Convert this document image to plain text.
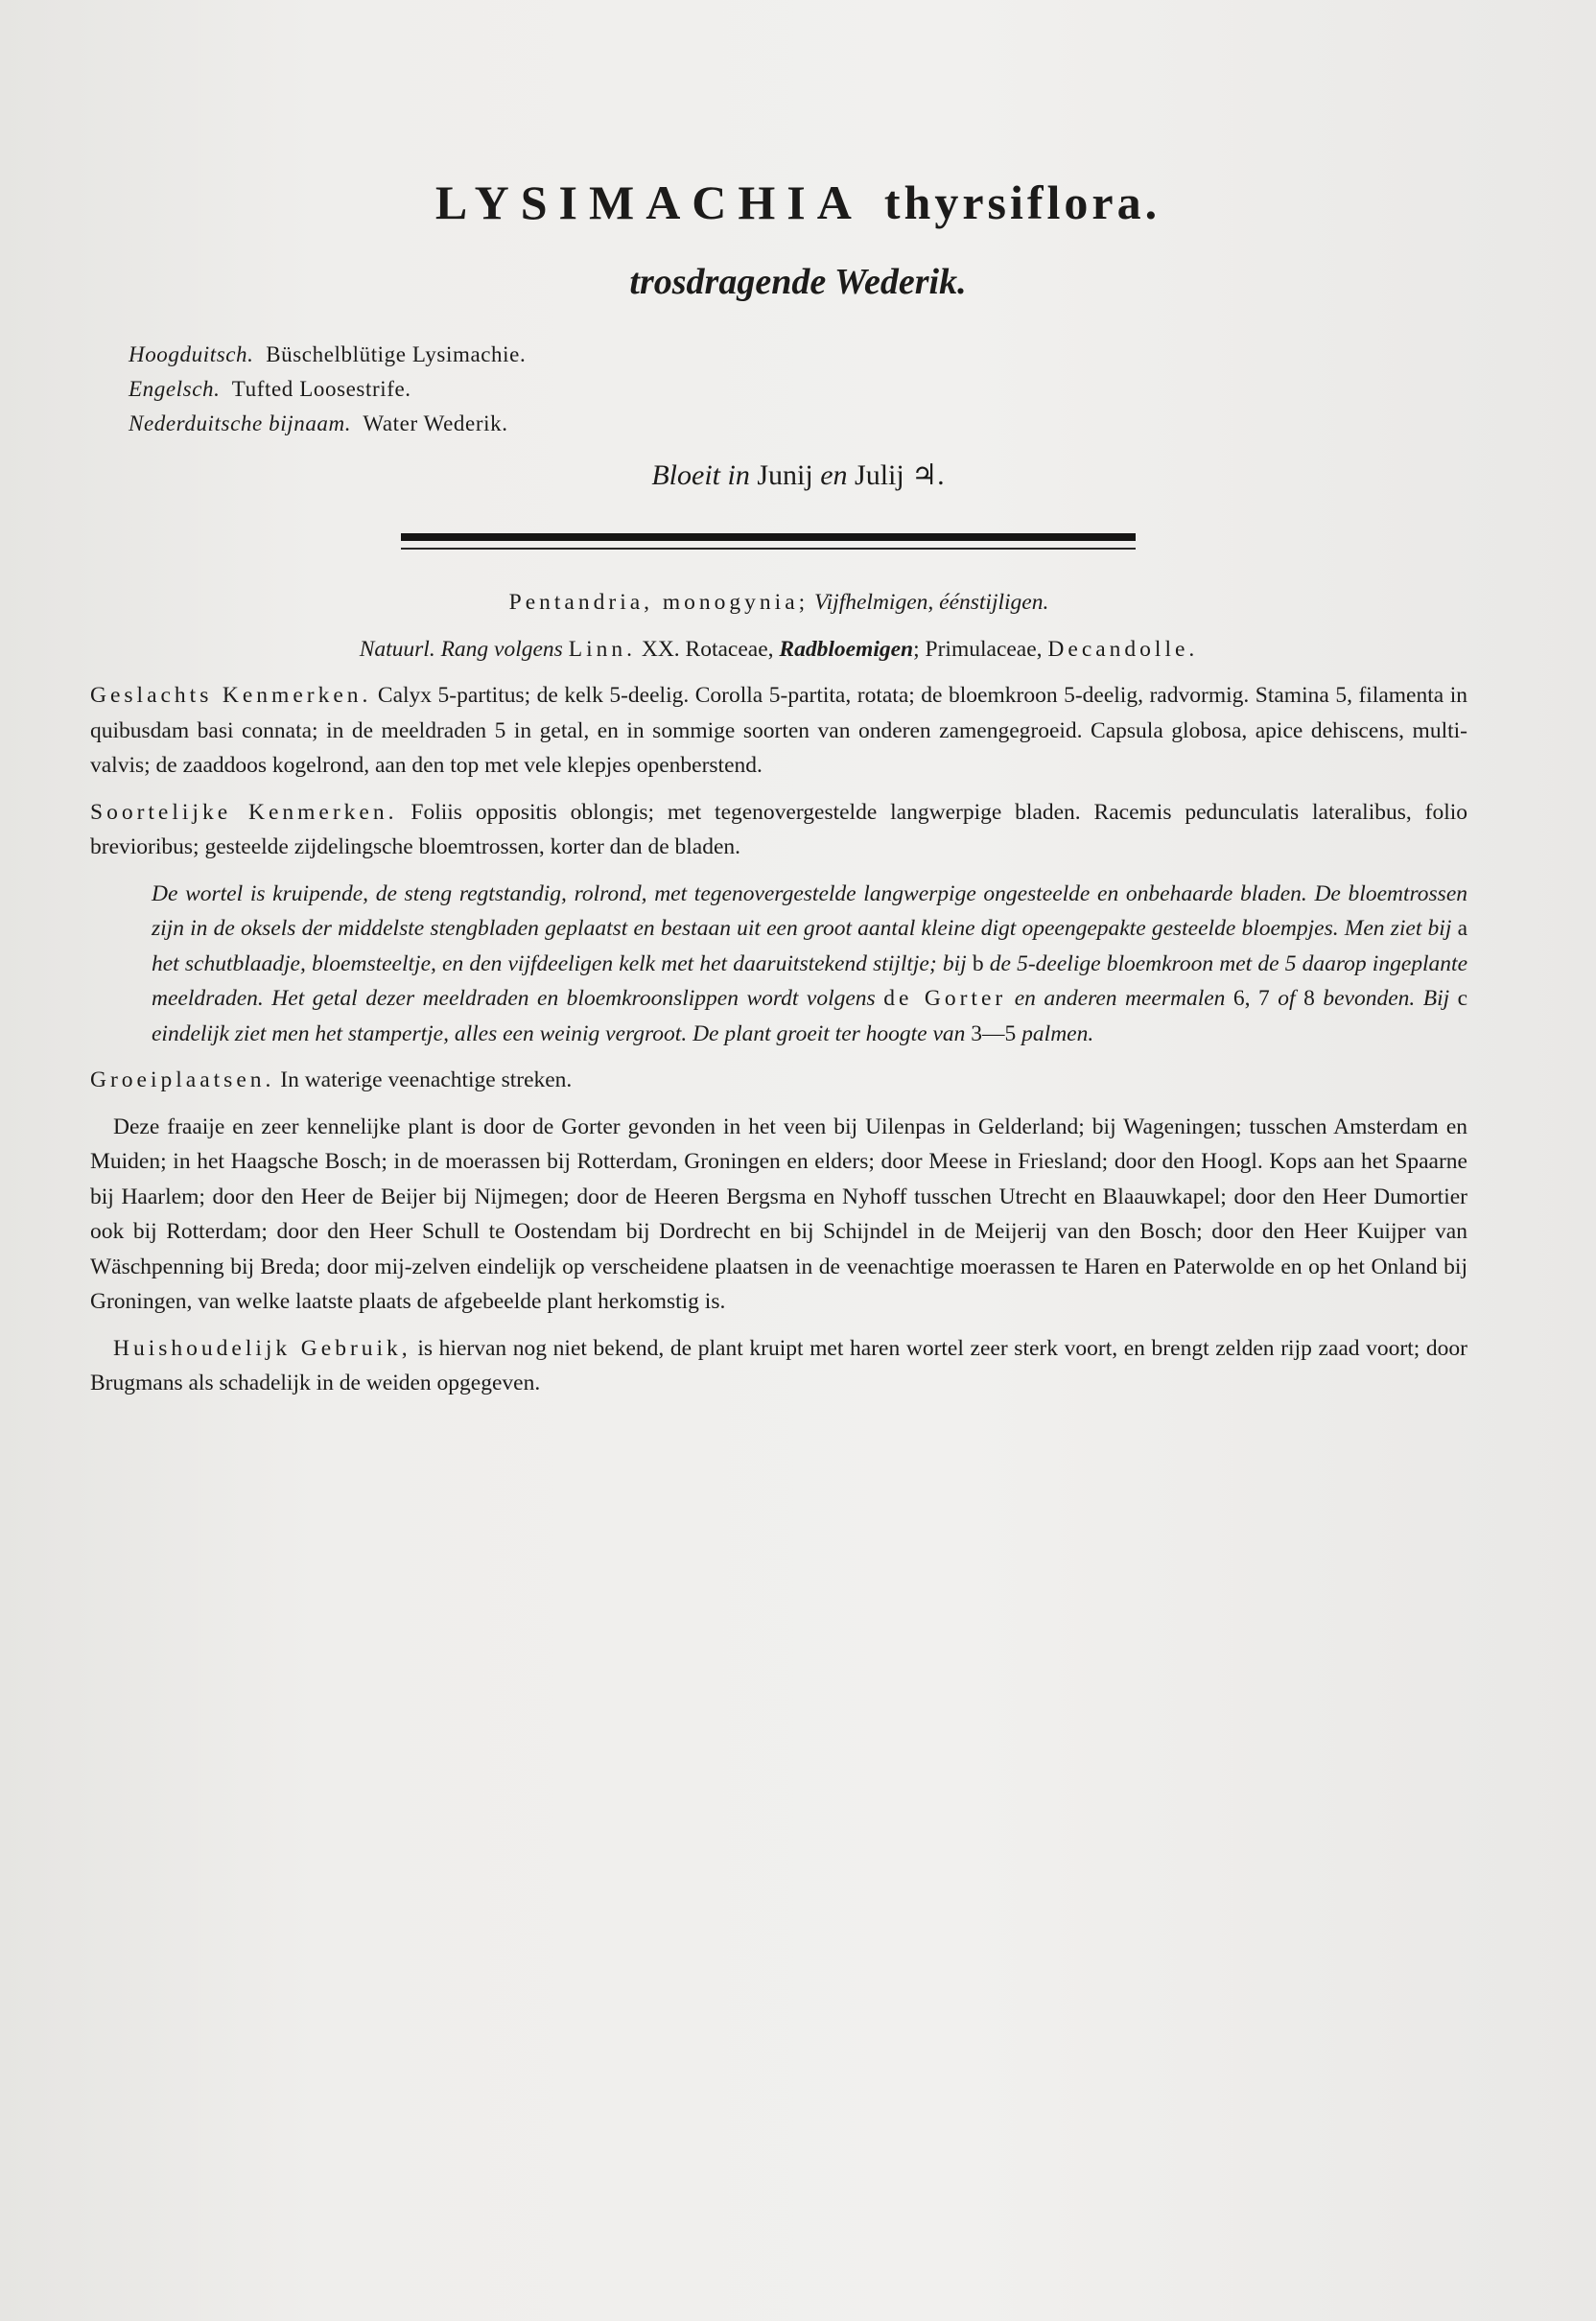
LYSIMACHIA thyrsiflora.
trosdragende Wederik.
Hoogduitsch. Büschelblütige Lysimachie.
Engelsch. Tufted Loosestrife.
Nederduitsche bijnaam. Water Wederik.
Bloeit in Junij en Julij ♃.

Pentandria, monogynia; Vijfhelmigen, éénstijligen.

Natuurl. Rang volgens Linn. XX. Rotaceae, Radbloemigen; Primulaceae, Decandolle.

Geslachts Kenmerken. Calyx 5-partitus; de kelk 5-deelig. Corolla 5-partita, rotata; de bloemkroon 5-deelig, radvormig. Stamina 5, filamenta in quibusdam basi connata; in de meeldraden 5 in getal, en in sommige soorten van onderen zamengegroeid. Capsula globosa, apice dehiscens, multi-valvis; de zaaddoos kogelrond, aan den top met vele klepjes openberstend.

Soortelijke Kenmerken. Foliis oppositis oblongis; met tegenovergestelde langwerpige bladen. Racemis pedunculatis lateralibus, folio brevioribus; gesteelde zijdelingsche bloemtrossen, korter dan de bladen.

De wortel is kruipende, de steng regtstandig, rolrond, met tegenovergestelde langwerpige ongesteelde en onbehaarde bladen. De bloemtrossen zijn in de oksels der middelste stengbladen geplaatst en bestaan uit een groot aantal kleine digt opeengepakte gesteelde bloempjes. Men ziet bij a het schutblaadje, bloemsteeltje, en den vijfdeeligen kelk met het daaruitstekend stijltje; bij b de 5-deelige bloemkroon met de 5 daarop ingeplante meeldraden. Het getal dezer meeldraden en bloemkroonslippen wordt volgens de Gorter en anderen meermalen 6, 7 of 8 bevonden. Bij c eindelijk ziet men het stampertje, alles een weinig vergroot. De plant groeit ter hoogte van 3—5 palmen.

Groeiplaatsen. In waterige veenachtige streken.

Deze fraaije en zeer kennelijke plant is door de Gorter gevonden in het veen bij Uilenpas in Gelderland; bij Wageningen; tusschen Amsterdam en Muiden; in het Haagsche Bosch; in de moerassen bij Rotterdam, Groningen en elders; door Meese in Friesland; door den Hoogl. Kops aan het Spaarne bij Haarlem; door den Heer de Beijer bij Nijmegen; door de Heeren Bergsma en Nyhoff tusschen Utrecht en Blaauwkapel; door den Heer Dumortier ook bij Rotterdam; door den Heer Schull te Oostendam bij Dordrecht en bij Schijndel in de Meijerij van den Bosch; door den Heer Kuijper van Wäschpenning bij Breda; door mij-zelven eindelijk op verscheidene plaatsen in de veenachtige moerassen te Haren en Paterwolde en op het Onland bij Groningen, van welke laatste plaats de afgebeelde plant herkomstig is.

Huishoudelijk Gebruik, is hiervan nog niet bekend, de plant kruipt met haren wortel zeer sterk voort, en brengt zelden rijp zaad voort; door Brugmans als schadelijk in de weiden opgegeven.
